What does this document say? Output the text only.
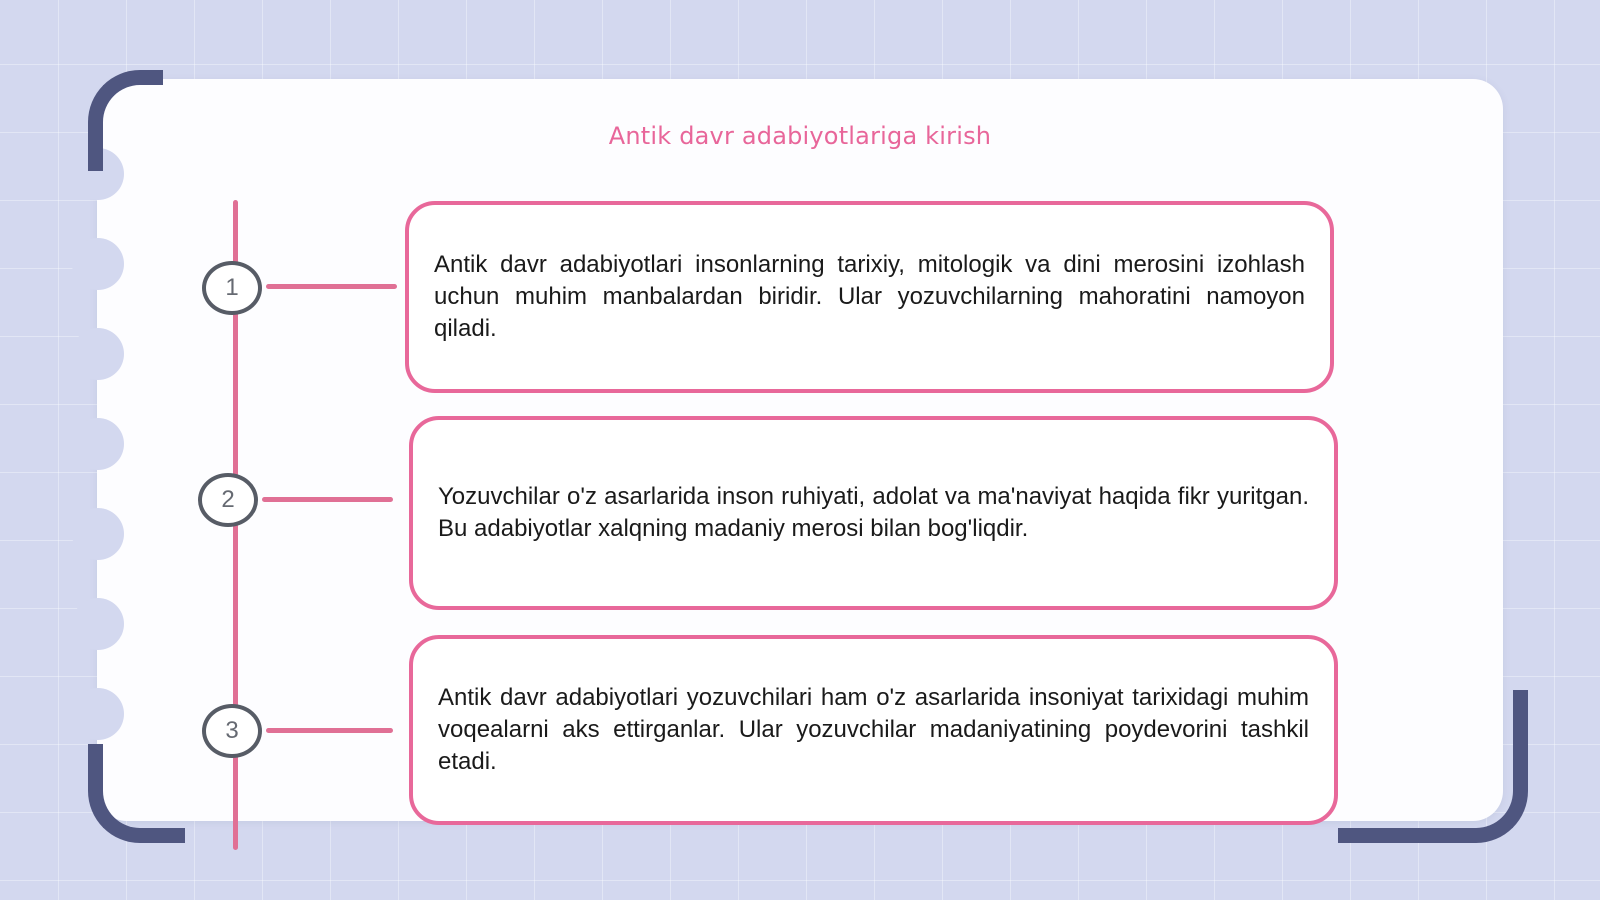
Antik davr adabiyotlariga kirish
1
Antik davr adabiyotlari insonlarning tarixiy, mitologik va dini merosini izohlash uchun muhim manbalardan biridir. Ular yozuvchilarning mahoratini namoyon qiladi.
2	Yozuvchilar o'z asarlarida inson ruhiyati, adolat va ma'naviyat haqida fikr yuritgan. Bu adabiyotlar xalqning madaniy merosi bilan bog'liqdir.
3
Antik davr adabiyotlari yozuvchilari ham o'z asarlarida insoniyat tarixidagi muhim voqealarni aks ettirganlar. Ular yozuvchilar madaniyatining poydevorini tashkil etadi.
